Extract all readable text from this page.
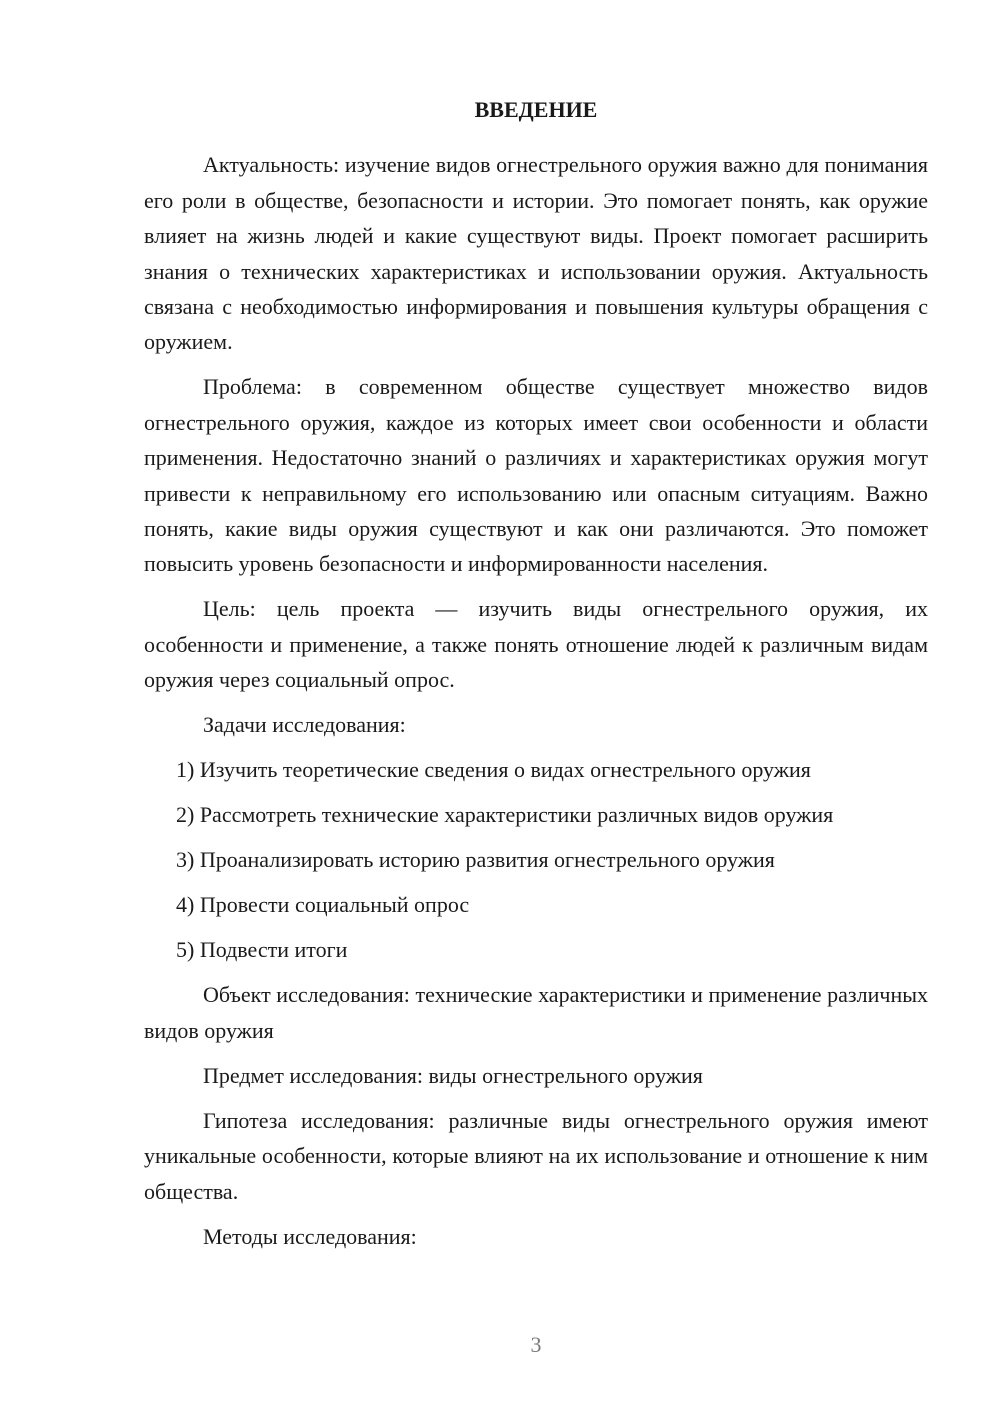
ВВЕДЕНИЕ

Актуальность: изучение видов огнестрельного оружия важно для понимания его роли в обществе, безопасности и истории. Это помогает понять, как оружие влияет на жизнь людей и какие существуют виды. Проект помогает расширить знания о технических характеристиках и использовании оружия. Актуальность связана с необходимостью информирования и повышения культуры обращения с оружием.

Проблема: в современном обществе существует множество видов огнестрельного оружия, каждое из которых имеет свои особенности и области применения. Недостаточно знаний о различиях и характеристиках оружия могут привести к неправильному его использованию или опасным ситуациям. Важно понять, какие виды оружия существуют и как они различаются. Это поможет повысить уровень безопасности и информированности населения.

Цель: цель проекта — изучить виды огнестрельного оружия, их особенности и применение, а также понять отношение людей к различным видам оружия через социальный опрос.

Задачи исследования:
1) Изучить теоретические сведения о видах огнестрельного оружия
2) Рассмотреть технические характеристики различных видов оружия
3) Проанализировать историю развития огнестрельного оружия
4) Провести социальный опрос
5) Подвести итоги

Объект исследования: технические характеристики и применение различных видов оружия

Предмет исследования: виды огнестрельного оружия

Гипотеза исследования: различные виды огнестрельного оружия имеют уникальные особенности, которые влияют на их использование и отношение к ним общества.

Методы исследования:
3
